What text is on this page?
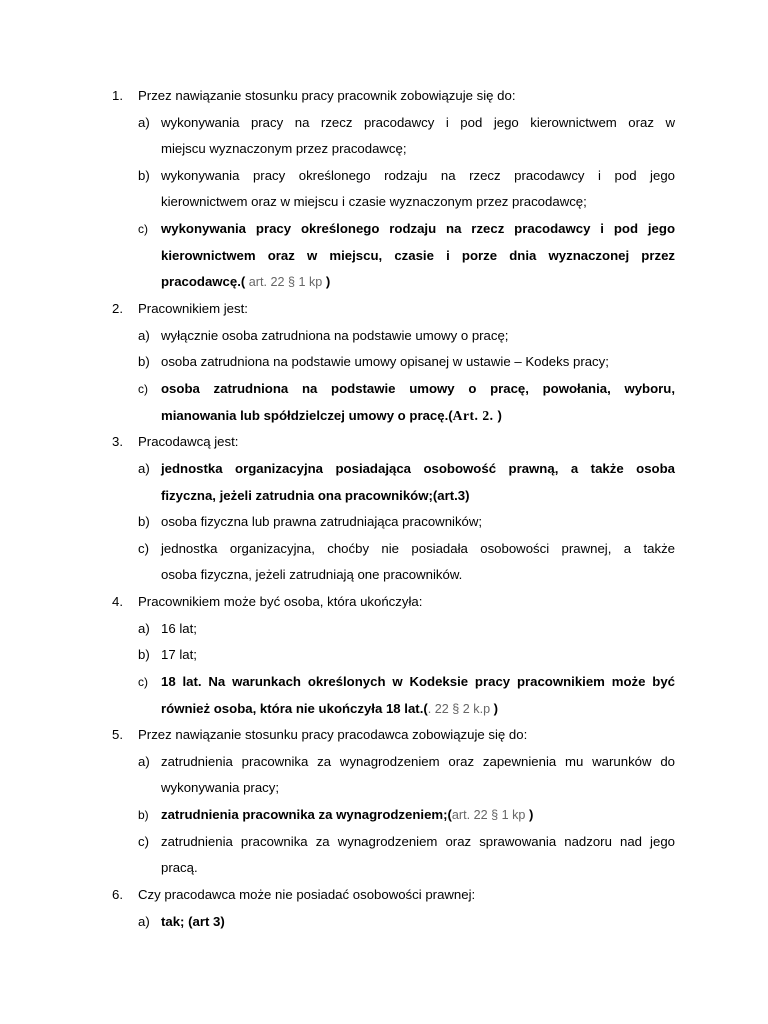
1. Przez nawiązanie stosunku pracy pracownik zobowiązuje się do:
a) wykonywania pracy na rzecz pracodawcy i pod jego kierownictwem oraz w
miejscu wyznaczonym przez pracodawcę;
b) wykonywania pracy określonego rodzaju na rzecz pracodawcy i pod jego
kierownictwem oraz w miejscu i czasie wyznaczonym przez pracodawcę;
c) wykonywania pracy określonego rodzaju na rzecz pracodawcy i pod jego
kierownictwem oraz w miejscu, czasie i porze dnia wyznaczonej przez
pracodawcę.( art. 22 § 1 kp )
2. Pracownikiem jest:
a) wyłącznie osoba zatrudniona na podstawie umowy o pracę;
b) osoba zatrudniona na podstawie umowy opisanej w ustawie – Kodeks pracy;
c) osoba zatrudniona na podstawie umowy o pracę, powołania, wyboru,
mianowania lub spółdzielczej umowy o pracę.(Art. 2. )
3. Pracodawcą jest:
a) jednostka organizacyjna posiadająca osobowość prawną, a także osoba
fizyczna, jeżeli zatrudnia ona pracowników;(art.3)
b) osoba fizyczna lub prawna zatrudniająca pracowników;
c) jednostka organizacyjna, choćby nie posiadała osobowości prawnej, a także
osoba fizyczna, jeżeli zatrudniają one pracowników.
4. Pracownikiem może być osoba, która ukończyła:
a) 16 lat;
b) 17 lat;
c) 18 lat. Na warunkach określonych w Kodeksie pracy pracownikiem może być
również osoba, która nie ukończyła 18 lat.(. 22 § 2 k.p )
5. Przez nawiązanie stosunku pracy pracodawca zobowiązuje się do:
a) zatrudnienia pracownika za wynagrodzeniem oraz zapewnienia mu warunków do
wykonywania pracy;
b) zatrudnienia pracownika za wynagrodzeniem;(art. 22 § 1 kp )
c) zatrudnienia pracownika za wynagrodzeniem oraz sprawowania nadzoru nad jego
pracą.
6. Czy pracodawca może nie posiadać osobowości prawnej:
a) tak; (art 3)
